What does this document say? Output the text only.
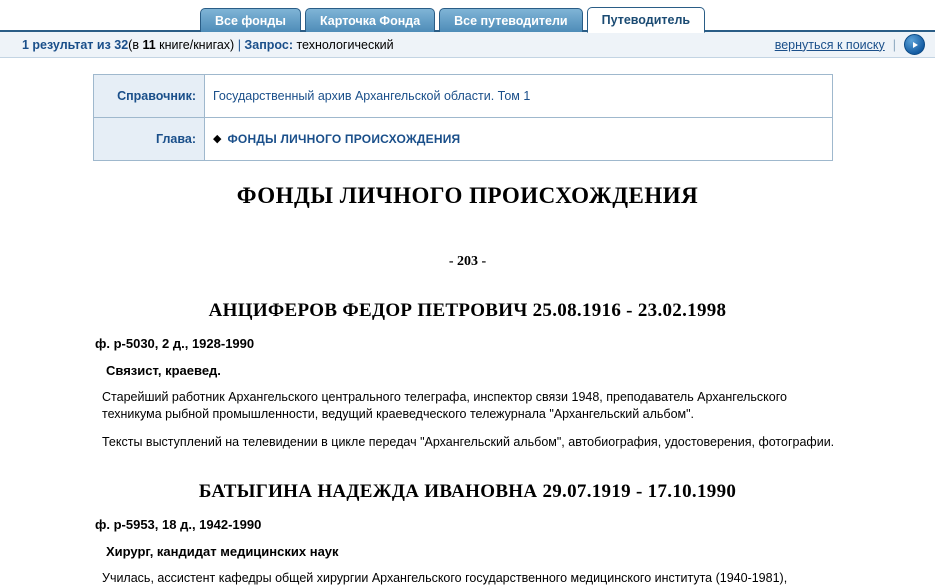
Все фонды	Карточка Фонда	Все путеводители	Путеводитель
1 результат из 32(в 11 книге/книгах) | Запрос: технологический	вернуться к поиску |
Справочник:	Государственный архив Архангельской области. Том 1
Глава:	◆ ФОНДЫ ЛИЧНОГО ПРОИСХОЖДЕНИЯ
ФОНДЫ ЛИЧНОГО ПРОИСХОЖДЕНИЯ
- 203 -
АНЦИФЕРОВ ФЕДОР ПЕТРОВИЧ 25.08.1916 - 23.02.1998
ф. р-5030, 2 д., 1928-1990
Связист, краевед.
Старейший работник Архангельского центрального телеграфа, инспектор связи 1948, преподаватель Архангельского техникума рыбной промышленности, ведущий краеведческого тележурнала "Архангельский альбом".
Тексты выступлений на телевидении в цикле передач "Архангельский альбом", автобиография, удостоверения, фотографии.
БАТЫГИНА НАДЕЖДА ИВАНОВНА 29.07.1919 - 17.10.1990
ф. р-5953, 18 д., 1942-1990
Хирург, кандидат медицинских наук
Училась, ассистент кафедры общей хирургии Архангельского государственного медицинского института (1940-1981),
